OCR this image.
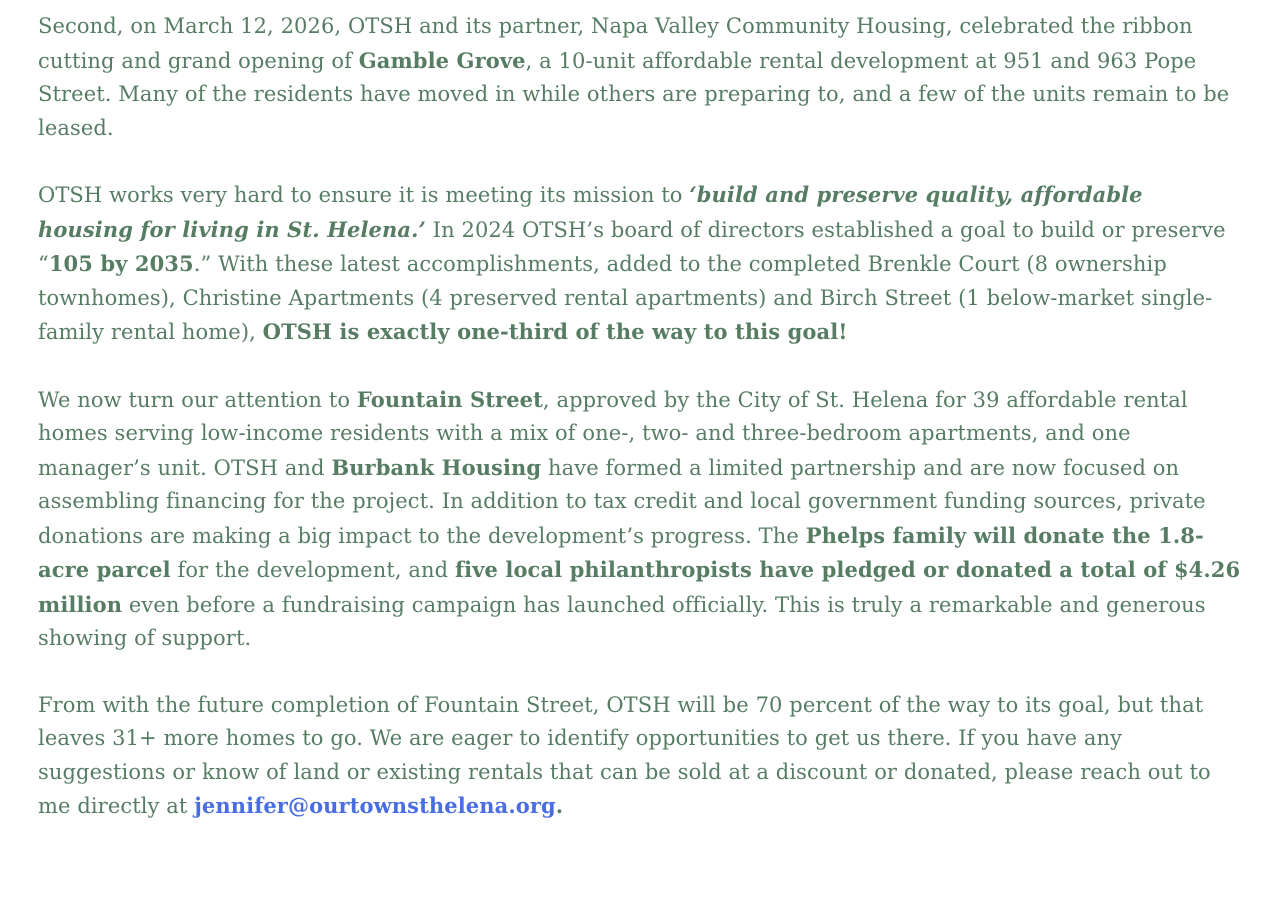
Second, on March 12, 2026, OTSH and its partner, Napa Valley Community Housing, celebrated the ribbon cutting and grand opening of Gamble Grove, a 10-unit affordable rental development at 951 and 963 Pope Street. Many of the residents have moved in while others are preparing to, and a few of the units remain to be leased.

OTSH works very hard to ensure it is meeting its mission to ‘build and preserve quality, affordable housing for living in St. Helena.’ In 2024 OTSH’s board of directors established a goal to build or preserve “105 by 2035.” With these latest accomplishments, added to the completed Brenkle Court (8 ownership townhomes), Christine Apartments (4 preserved rental apartments) and Birch Street (1 below-market single-family rental home), OTSH is exactly one-third of the way to this goal!

We now turn our attention to Fountain Street, approved by the City of St. Helena for 39 affordable rental homes serving low-income residents with a mix of one-, two- and three-bedroom apartments, and one manager’s unit. OTSH and Burbank Housing have formed a limited partnership and are now focused on assembling financing for the project. In addition to tax credit and local government funding sources, private donations are making a big impact to the development’s progress. The Phelps family will donate the 1.8-acre parcel for the development, and five local philanthropists have pledged or donated a total of $4.26 million even before a fundraising campaign has launched officially. This is truly a remarkable and generous showing of support.

From with the future completion of Fountain Street, OTSH will be 70 percent of the way to its goal, but that leaves 31+ more homes to go. We are eager to identify opportunities to get us there. If you have any suggestions or know of land or existing rentals that can be sold at a discount or donated, please reach out to me directly at jennifer@ourtownsthelena.org.
